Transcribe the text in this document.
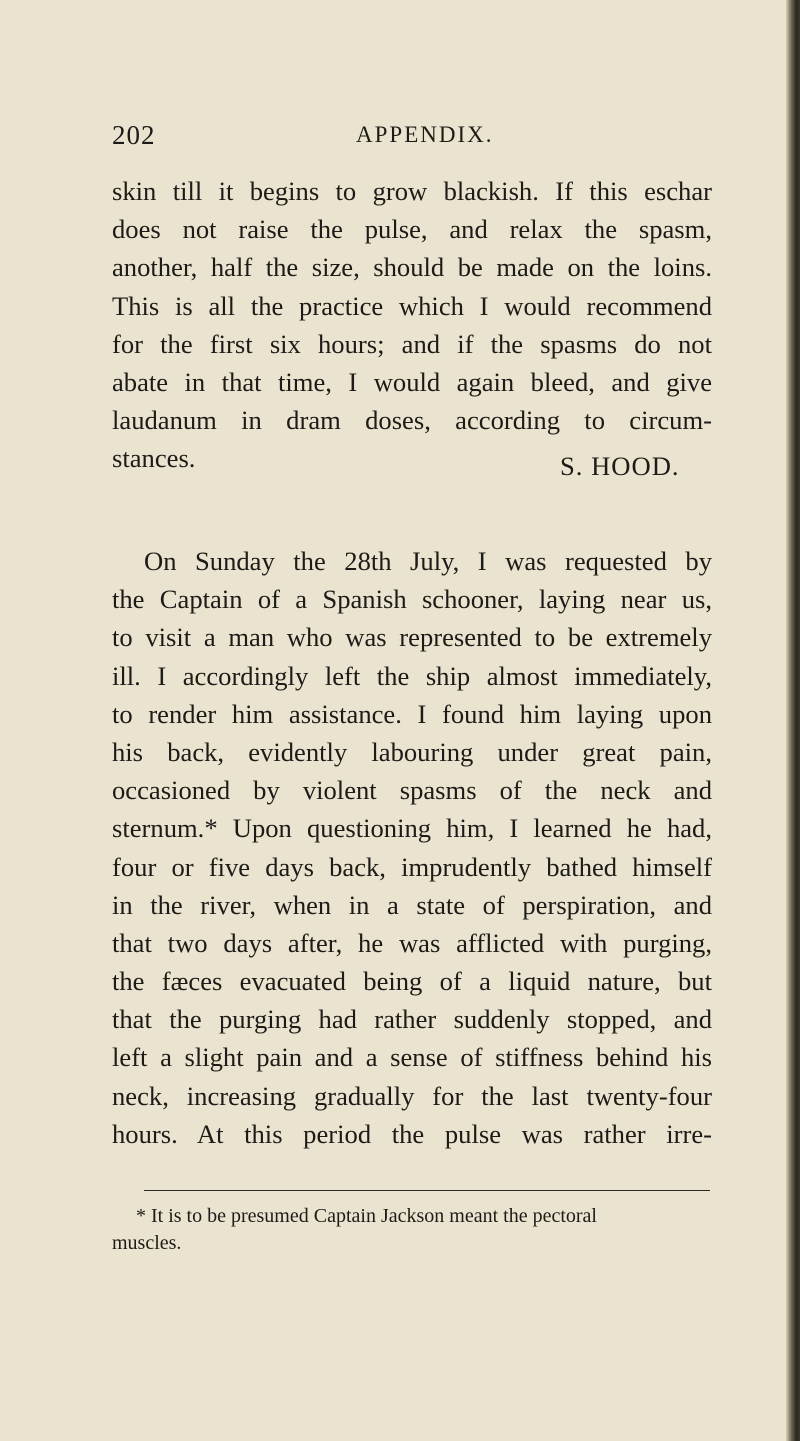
202	APPENDIX.
skin till it begins to grow blackish. If this eschar
does not raise the pulse, and relax the spasm,
another, half the size, should be made on the loins.
This is all the practice which I would recommend
for the first six hours; and if the spasms do not
abate in that time, I would again bleed, and give
laudanum in dram doses, according to circum-
stances.	S. HOOD.
On Sunday the 28th July, I was requested by
the Captain of a Spanish schooner, laying near us,
to visit a man who was represented to be extremely
ill. I accordingly left the ship almost immediately,
to render him assistance. I found him laying upon
his back, evidently labouring under great pain,
occasioned by violent spasms of the neck and
sternum.* Upon questioning him, I learned he had,
four or five days back, imprudently bathed himself
in the river, when in a state of perspiration, and
that two days after, he was afflicted with purging,
the fæces evacuated being of a liquid nature, but
that the purging had rather suddenly stopped, and
left a slight pain and a sense of stiffness behind his
neck, increasing gradually for the last twenty-four
hours. At this period the pulse was rather irre-
* It is to be presumed Captain Jackson meant the pectoral
muscles.
